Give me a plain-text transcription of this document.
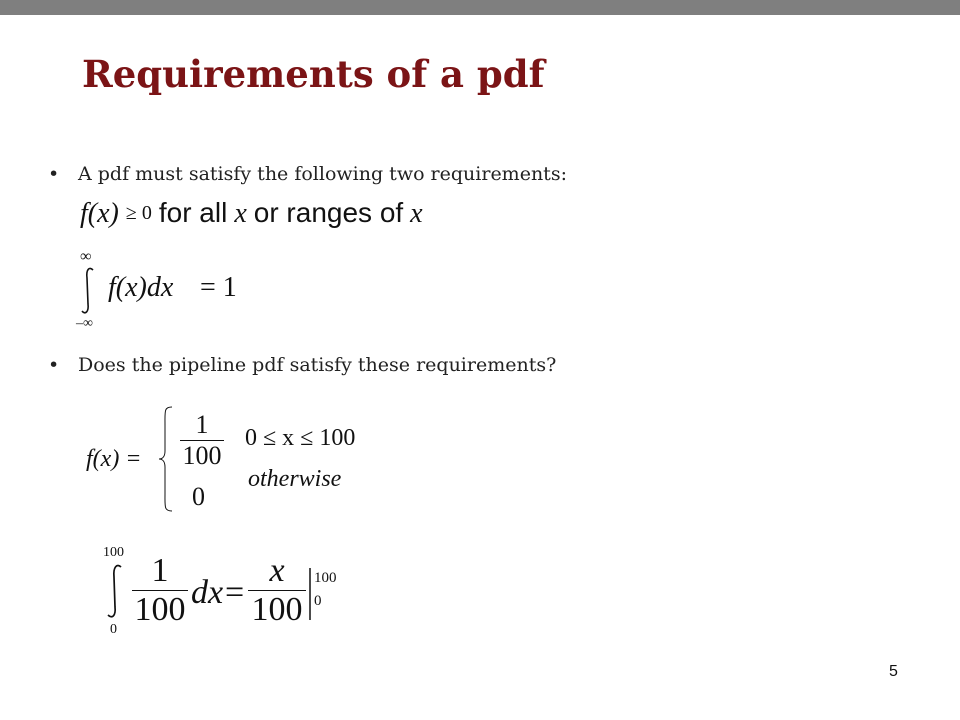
Requirements of a pdf
• A pdf must satisfy the following two requirements:
f(x) ≥ 0 for all x or ranges of x
∞
–∞
f(x)dx = 1
• Does the pipeline pdf satisfy these requirements?
f(x) =
1
100
0 ≤ x ≤ 100
0
otherwise
100
0
1
100 dx =
x
100
100
0
5
